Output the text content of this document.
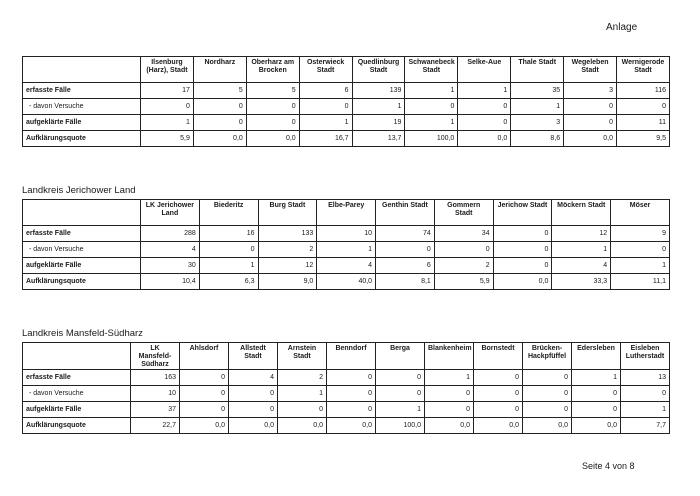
Anlage
Landkreis Jerichower Land
Landkreis Mansfeld-Südharz
	Ilsenburg (Harz), Stadt	Nordharz	Oberharz am Brocken	Osterwieck Stadt	Quedlinburg Stadt	Schwanebeck Stadt	Selke-Aue	Thale Stadt	Wegeleben Stadt	Wernigerode Stadt
erfasste Fälle	17	5	5	6	139	1	1	35	3	116
- davon Versuche	0	0	0	0	1	0	0	1	0	0
aufgeklärte Fälle	1	0	0	1	19	1	0	3	0	11
Aufklärungsquote	5,9	0,0	0,0	16,7	13,7	100,0	0,0	8,6	0,0	9,5
	LK Jerichower Land	Biederitz	Burg Stadt	Elbe-Parey	Genthin Stadt	Gommern Stadt	Jerichow Stadt	Möckern Stadt	Möser
erfasste Fälle	288	16	133	10	74	34	0	12	9
- davon Versuche	4	0	2	1	0	0	0	1	0
aufgeklärte Fälle	30	1	12	4	6	2	0	4	1
Aufklärungsquote	10,4	6,3	9,0	40,0	8,1	5,9	0,0	33,3	11,1
	LK Mansfeld-Südharz	Ahlsdorf	Allstedt Stadt	Arnstein Stadt	Benndorf	Berga	Blankenheim	Bornstedt	Brücken-Hackpfüffel	Edersleben	Eisleben Lutherstadt
erfasste Fälle	163	0	4	2	0	0	1	0	0	1	13
- davon Versuche	10	0	0	1	0	0	0	0	0	0	0
aufgeklärte Fälle	37	0	0	0	0	1	0	0	0	0	1
Aufklärungsquote	22,7	0,0	0,0	0,0	0,0	100,0	0,0	0,0	0,0	0,0	7,7
Seite 4 von 8
